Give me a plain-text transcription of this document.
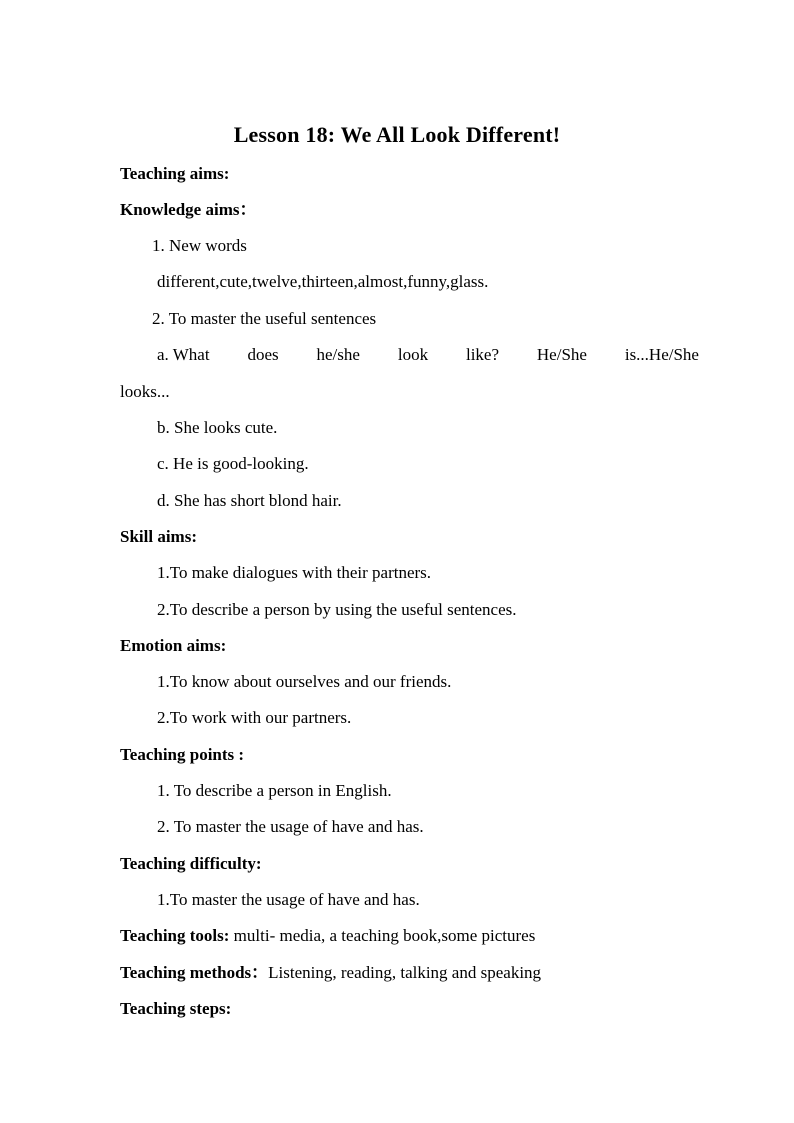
Lesson 18: We All Look Different!
Teaching aims:
Knowledge aims：
1. New words
different,cute,twelve,thirteen,almost,funny,glass.
2. To master the useful sentences
a. What does he/she look like? He/She is...He/She
looks...
b. She looks cute.
c. He is good-looking.
d. She has short blond hair.
Skill aims:
1.To make dialogues with their partners.
2.To describe a person by using the useful sentences.
Emotion aims:
1.To know about ourselves and our friends.
2.To work with our partners.
Teaching points :
1. To describe a person in English.
2. To master the usage of have and has.
Teaching difficulty:
1.To master the usage of have and has.
Teaching tools: multi- media, a teaching book,some pictures
Teaching methods：Listening, reading, talking and speaking
Teaching steps:
